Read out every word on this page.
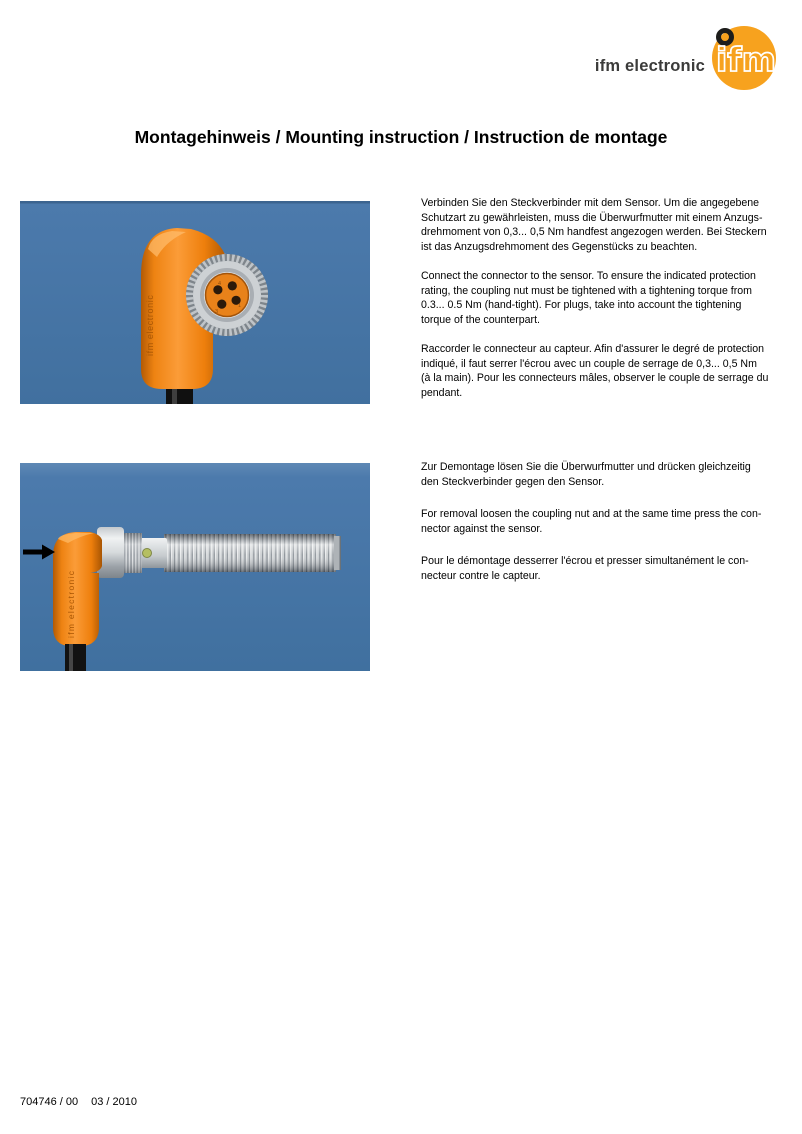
ifm electronic ifm
Montagehinweis / Mounting instruction / Instruction de montage
ifm electronic
4
1
3
ifm electronic

Verbinden Sie den Steckverbinder mit dem Sensor. Um die angegebene
Schutzart zu gewährleisten, muss die Überwurfmutter mit einem Anzugs-
drehmoment von 0,3... 0,5 Nm handfest angezogen werden. Bei Steckern
ist das Anzugsdrehmoment des Gegenstücks zu beachten.

Connect the connector to the sensor. To ensure the indicated protection
rating, the coupling nut must be tightened with a tightening torque from
0.3... 0.5 Nm (hand-tight). For plugs, take into account the tightening
torque of the counterpart.

Raccorder le connecteur au capteur. Afin d'assurer le degré de protection
indiqué, il faut serrer l'écrou avec un couple de serrage de 0,3... 0,5 Nm
(à la main). Pour les connecteurs mâles, observer le couple de serrage du
pendant.

Zur Demontage lösen Sie die Überwurfmutter und drücken gleichzeitig
den Steckverbinder gegen den Sensor.

For removal loosen the coupling nut and at the same time press the con-
nector against the sensor.

Pour le démontage desserrer l'écrou et presser simultanément le con-
necteur contre le capteur.

704746 / 00 03 / 2010
